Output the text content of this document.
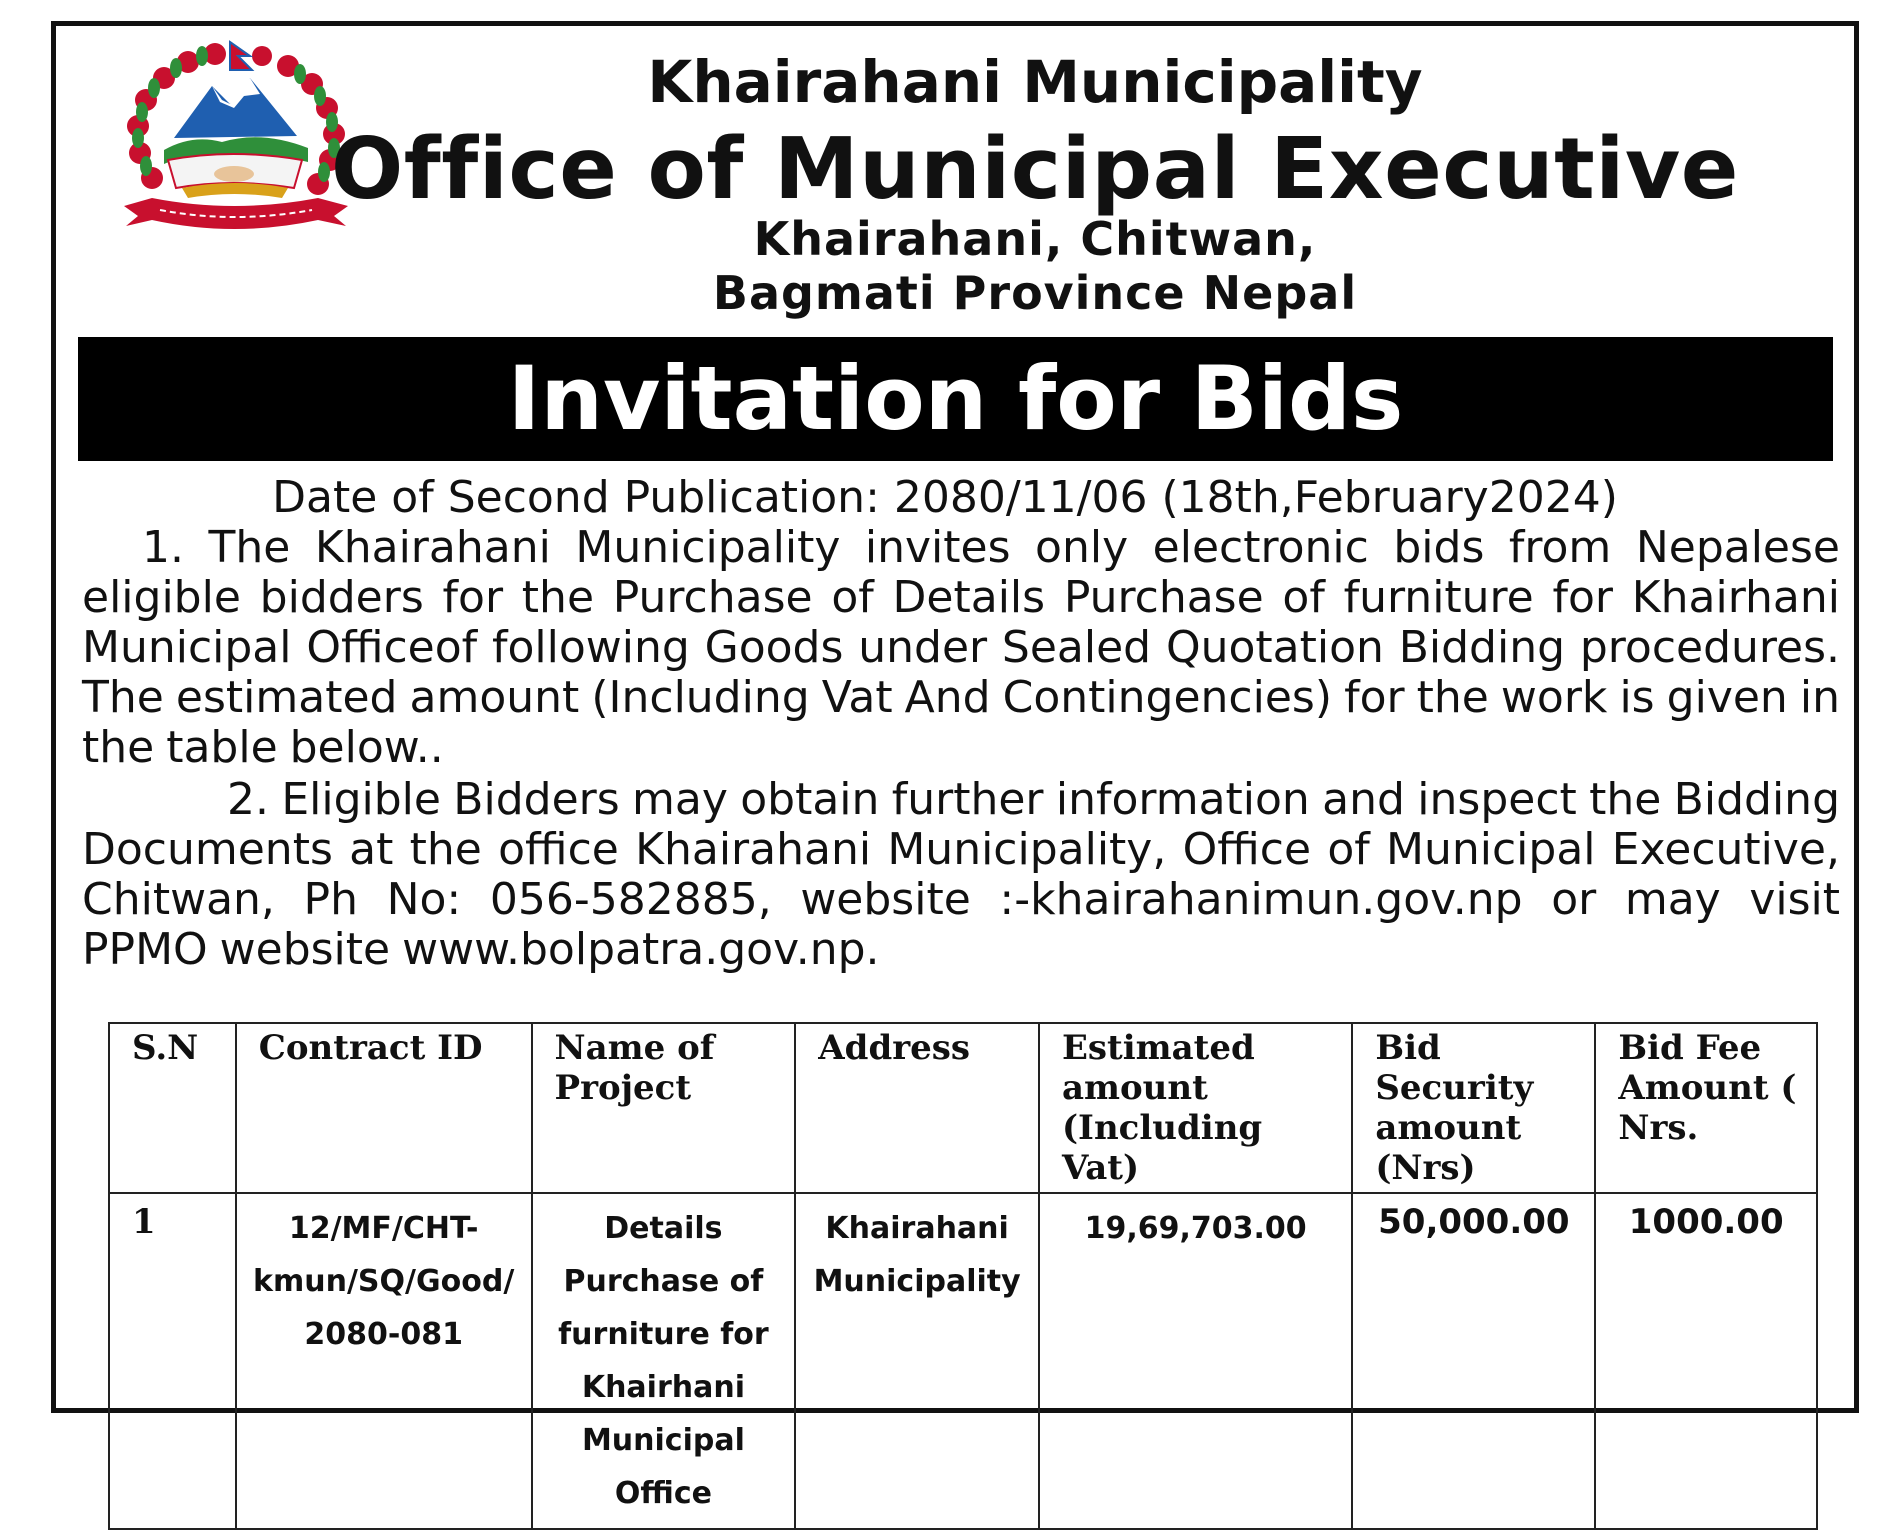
Khairahani Municipality

Office of Municipal Executive

Khairahani, Chitwan,

Bagmati Province Nepal

Invitation for Bids

Date of Second Publication: 2080/11/06 (18th,February2024)

1. The Khairahani Municipality invites only electronic bids from Nepalese eligible bidders for the Purchase of Details Purchase of furniture for Khairhani Municipal Officeof following Goods under Sealed Quotation Bidding procedures. The estimated amount (Including Vat And Contingencies) for the work is given in the table below..

2. Eligible Bidders may obtain further information and inspect the Bidding Documents at the office Khairahani Municipality, Office of Municipal Executive, Chitwan, Ph No: 056-582885, website :-khairahanimun.gov.np or may visit PPMO website www.bolpatra.gov.np.

S.N	Contract ID	Name of Project	Address	Estimated amount (Including Vat)	Bid Security amount (Nrs)	Bid Fee Amount ( Nrs.
1	12/MF/CHT-kmun/SQ/Good/ 2080-081	Details Purchase of furniture for Khairhani Municipal Office	Khairahani Municipality	19,69,703.00	50,000.00	1000.00
